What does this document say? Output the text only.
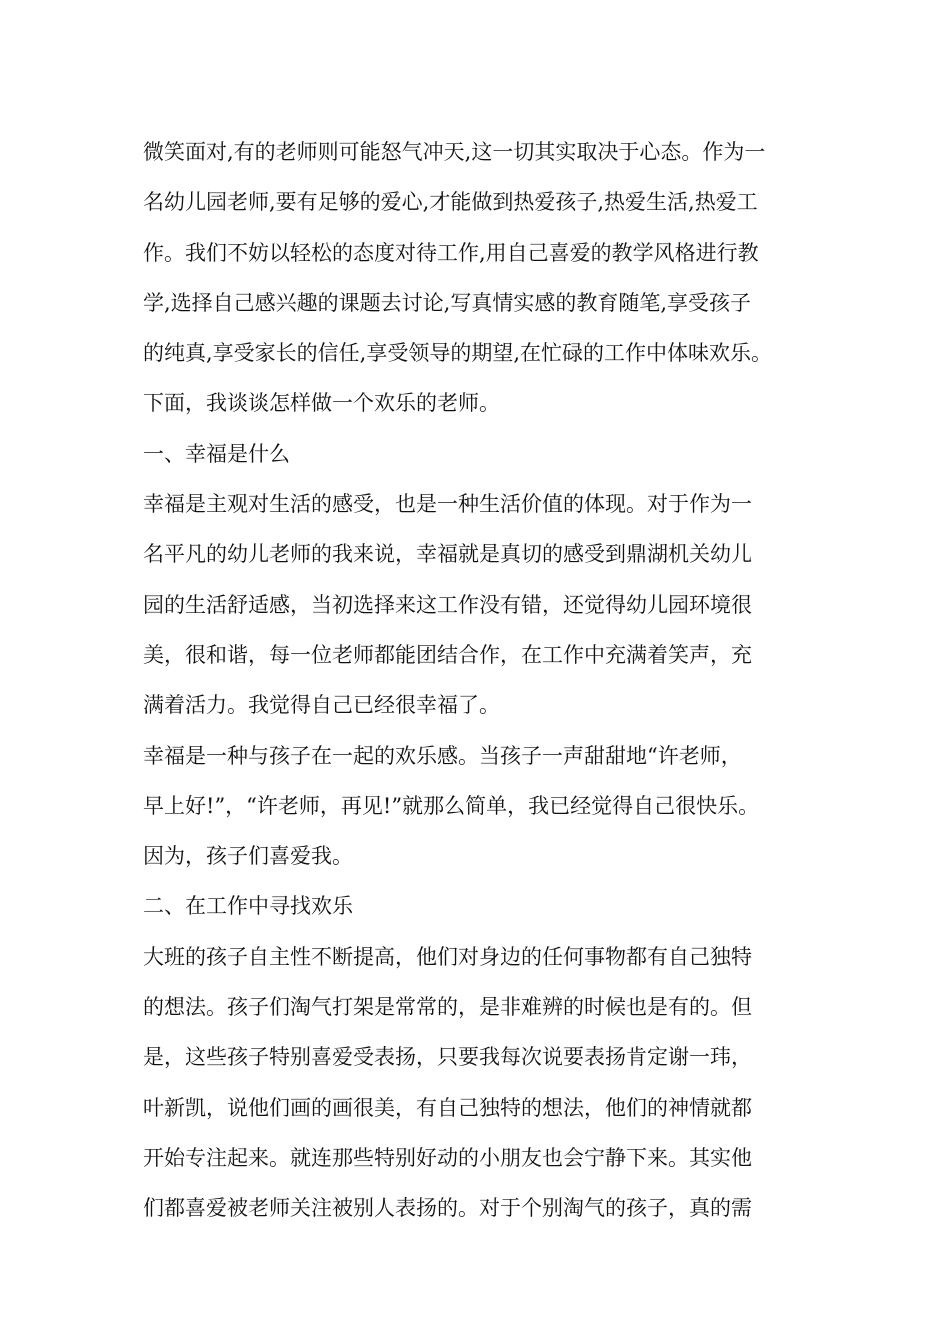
微笑面对,有的老师则可能怒气冲天,这一切其实取决于心态。作为一
名幼儿园老师,要有足够的爱心,才能做到热爱孩子,热爱生活,热爱工
作。我们不妨以轻松的态度对待工作,用自己喜爱的教学风格进行教
学,选择自己感兴趣的课题去讨论,写真情实感的教育随笔,享受孩子
的纯真,享受家长的信任,享受领导的期望,在忙碌的工作中体味欢乐。
下面，我谈谈怎样做一个欢乐的老师。
一、幸福是什么
幸福是主观对生活的感受，也是一种生活价值的体现。对于作为一
名平凡的幼儿老师的我来说，幸福就是真切的感受到鼎湖机关幼儿
园的生活舒适感，当初选择来这工作没有错，还觉得幼儿园环境很
美，很和谐，每一位老师都能团结合作，在工作中充满着笑声，充
满着活力。我觉得自己已经很幸福了。
幸福是一种与孩子在一起的欢乐感。当孩子一声甜甜地“许老师，
早上好!”，“许老师，再见!”就那么简单，我已经觉得自己很快乐。
因为，孩子们喜爱我。
二、在工作中寻找欢乐
大班的孩子自主性不断提高，他们对身边的任何事物都有自己独特
的想法。孩子们淘气打架是常常的，是非难辨的时候也是有的。但
是，这些孩子特别喜爱受表扬，只要我每次说要表扬肯定谢一玮，
叶新凯，说他们画的画很美，有自己独特的想法，他们的神情就都
开始专注起来。就连那些特别好动的小朋友也会宁静下来。其实他
们都喜爱被老师关注被别人表扬的。对于个别淘气的孩子，真的需
